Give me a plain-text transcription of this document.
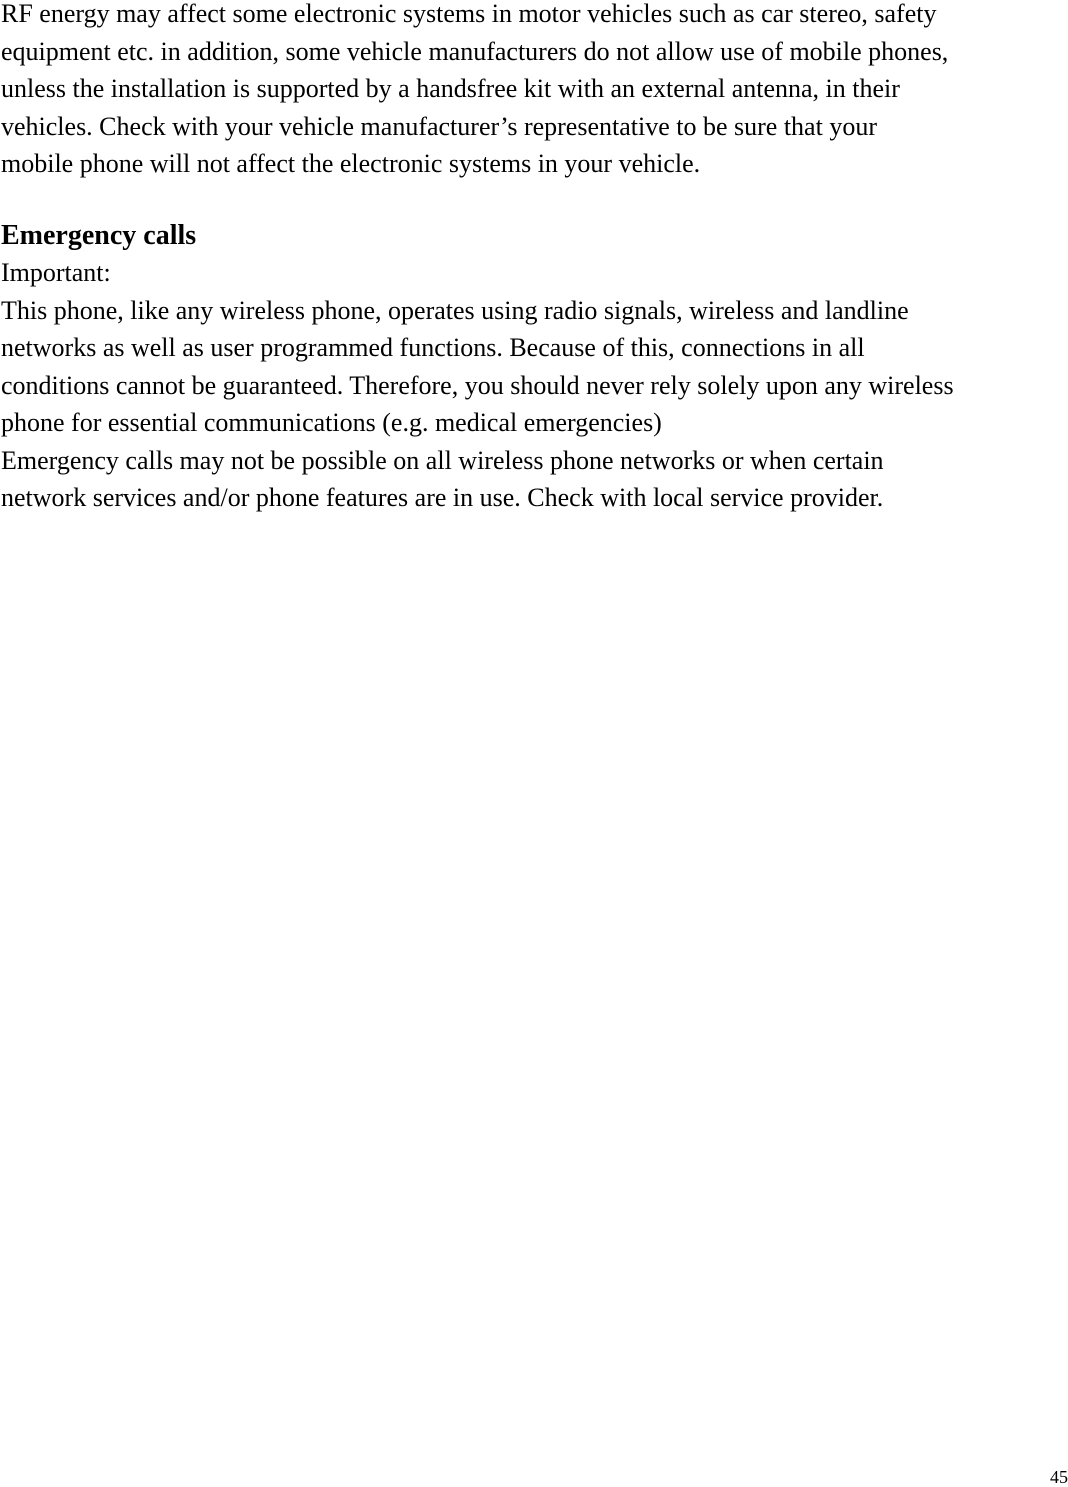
RF energy may affect some electronic systems in motor vehicles such as car stereo, safety
equipment etc. in addition, some vehicle manufacturers do not allow use of mobile phones,
unless the installation is supported by a handsfree kit with an external antenna, in their
vehicles. Check with your vehicle manufacturer’s representative to be sure that your
mobile phone will not affect the electronic systems in your vehicle.
Emergency calls
Important:
This phone, like any wireless phone, operates using radio signals, wireless and landline
networks as well as user programmed functions. Because of this, connections in all
conditions cannot be guaranteed. Therefore, you should never rely solely upon any wireless
phone for essential communications (e.g. medical emergencies)
Emergency calls may not be possible on all wireless phone networks or when certain
network services and/or phone features are in use. Check with local service provider.
45
